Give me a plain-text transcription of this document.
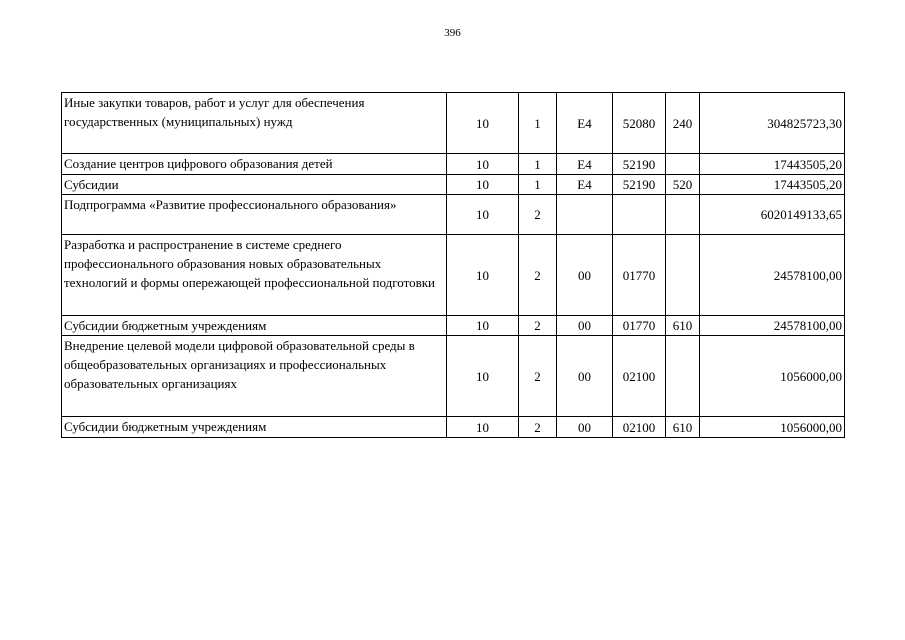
396
Иные закупки товаров, работ и услуг для обеспечения государственных (муниципальных) нужд	10	1	Е4	52080	240	304825723,30
Создание центров цифрового образования детей	10	1	Е4	52190		17443505,20
Субсидии	10	1	Е4	52190	520	17443505,20
Подпрограмма «Развитие профессионального образования»	10	2				6020149133,65
Разработка и распространение в системе среднего профессионального образования новых образовательных технологий и формы опережающей профессиональной подготовки	10	2	00	01770		24578100,00
Субсидии бюджетным учреждениям	10	2	00	01770	610	24578100,00
Внедрение целевой модели цифровой образовательной среды в общеобразовательных организациях и профессиональных образовательных организациях	10	2	00	02100		1056000,00
Субсидии бюджетным учреждениям	10	2	00	02100	610	1056000,00
